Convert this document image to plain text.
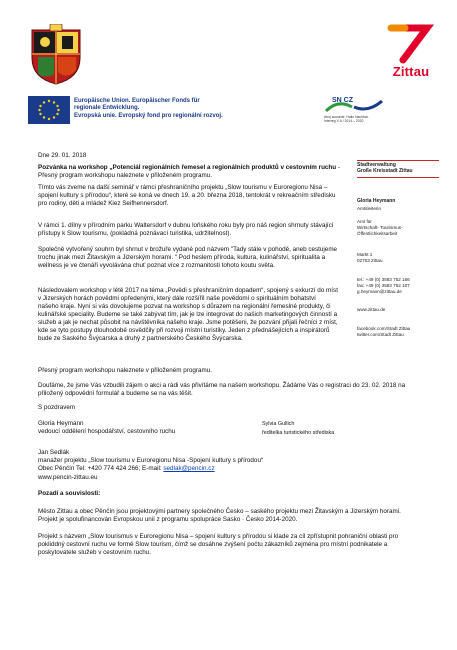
Zittau
Europäische Union. Europäischer Fonds für regionale Entwicklung.
Evropská unie. Evropský fond pro regionální rozvoj.
SN CZ
Ahoj sousede. Hallo Nachbar.
Interreg V A / 2014 – 2020
Stadtverwaltung
Große Kreisstadt Zittau
Gloria Heymann
Amtsleiterin
Amt für
Wirtschaft- Tourismus-
Öffentlichkeitsarbeit
Markt 1
02763 Zittau
tel.: +49 (0) 3583 752 166
fax: +49 (0) 3583 752 107
g.heymann@zittau.de
www.zittau.de
facebook.com/Stadt Zittau
twitter.com/Stadt Zittau
Dne 29. 01. 2018
Pozvánka na workshop „Potenciál regionálních řemesel a regionálních produktů v cestovním ruchu - Přesný program workshopu naleznete v přiloženém programu.
Tímto vás zveme na další seminář v rámci přeshraničního projektu „Slow tourismu v Euroregionu Nisa – spojení kultury s přírodou“, které se koná ve dnech 19. a 20. března 2018, tentokrát v rekreačním středisku pro rodiny, děti a mládež Kiez Seifhennersdorf.
V rámci 1. dílny v přírodním parku Waltersdorf v dubnu loňského roku byly pro náš region shrnuty stávající přístupy k Slow tourismu, (pokládná poznávací turistika, udržitelnost).
Společně vytvořený souhrn byl shrnut v brožuře vydané pod názvem "Tady stále v pohodě, aneb cestujeme trochu jinak mezi Žitavským a Jizerským horami. " Pod heslem příroda, kultura, kulinářství, spiritualita a wellness je ve čtenáři vyvolávána chuť poznat více z rozmanitosti tohoto koutu světa.
Následovalem workshop v létě 2017 na téma „Povědi s přeshraničním dopadem“, spojený s exkurzí do míst v Jizerských horách povědmi opředenými, který dále rozšířil naše povědomí o spirituálním bohatství našeho kraje. Nyní si vás dovolujeme pozvat na workshop s důrazem na regionální řemeslné produkty, či kulinářské speciality. Budeme se také zabývat tím, jak je lze integrovat do našich marketingových činností a služeb a jak je nechat působit na návštěvníka našeho kraje. Jsme potěšeni, že pozvání přijali řečníci z míst, kde se tyto postupy dlouhodobě osvědčily při rozvoji místní turistiky. Jeden z přednášejících a inspirátorů bude ze Saského Švýcarska a druhý z partnerského Českého Švýcarska.
Přesný program workshopu naleznete v přiloženém programu.
Doufáme, že jsme Vás vzbudili zájem o akci a rádi vás přivítáme na našem workshopu. Žádáme Vás o registraci do 23. 02. 2018 na přiložený odpovědní formulář a budeme se na vás těšit.
S pozdravem
Gloria Heymann
vedoucí oddělení hospodářství, cestovního ruchu
Sylvia Gullich
ředitelka turistického střediska
Jan Sedlák
manažer projektu „Slow tourismu v Euroregionu Nisa -Spojení kultury s přírodou“
Obec Pěnčín Tel: +420 774 424 266; E-mail: sedlak@pencin.cz
www.pencin-zittau.eu
Pozadí a souvislosti:
Město Zittau a obec Pěnčín jsou projektovými partnery společného Česko – saského projektu mezi Žitavským a Jizerským horami. Projekt je spolufinancován Evropskou unií z programu spolupráce Sasko · Česko 2014-2020.
Projekt s názvem „Slow tourismus v Euroregionu Nisa – spojení kultury s přírodou si klade za cíl zpřístupnit pohraniční oblasti pro pokliddný cestovní ruchu ve formě Slow tourism, čímž se dosáhne zvýšení počtu zákazníků zejména pro místní podnikatele a poskytovatele služeb v cestovním ruchu.
